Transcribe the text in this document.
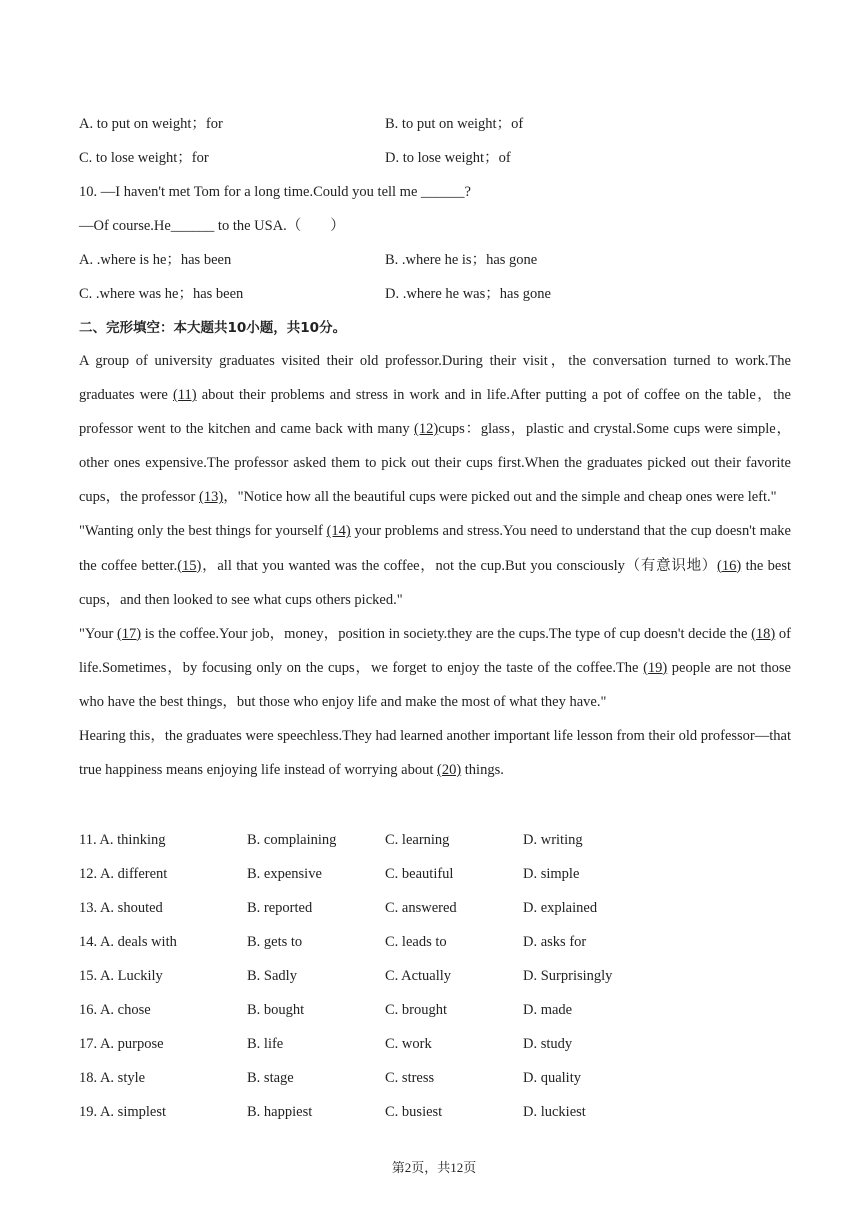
A. to put on weight；for	B. to put on weight；of
C. to lose weight；for	D. to lose weight；of
10. —I haven't met Tom for a long time.Could you tell me ______?
—Of course.He______ to the USA.（　　）
A. .where is he；has been	B. .where he is；has gone
C. .where was he；has been	D. .where he was；has gone
二、完形填空：本大题共10小题，共10分。

A group of university graduates visited their old professor.During their visit，the conversation turned to work.The graduates were (11) about their problems and stress in work and in life.After putting a pot of coffee on the table，the professor went to the kitchen and came back with many (12)cups：glass，plastic and crystal.Some cups were simple，other ones expensive.The professor asked them to pick out their cups first.When the graduates picked out their favorite cups，the professor (13)，"Notice how all the beautiful cups were picked out and the simple and cheap ones were left."

"Wanting only the best things for yourself (14) your problems and stress.You need to understand that the cup doesn't make the coffee better.(15)，all that you wanted was the coffee，not the cup.But you consciously（有意识地）(16) the best cups，and then looked to see what cups others picked."

"Your (17) is the coffee.Your job，money，position in society.they are the cups.The type of cup doesn't decide the (18) of life.Sometimes，by focusing only on the cups，we forget to enjoy the taste of the coffee.The (19) people are not those who have the best things，but those who enjoy life and make the most of what they have."

Hearing this，the graduates were speechless.They had learned another important life lesson from their old professor—that true happiness means enjoying life instead of worrying about (20) things.

11. A. thinking	B. complaining	C. learning	D. writing
12. A. different	B. expensive	C. beautiful	D. simple
13. A. shouted	B. reported	C. answered	D. explained
14. A. deals with	B. gets to	C. leads to	D. asks for
15. A. Luckily	B. Sadly	C. Actually	D. Surprisingly
16. A. chose	B. bought	C. brought	D. made
17. A. purpose	B. life	C. work	D. study
18. A. style	B. stage	C. stress	D. quality
19. A. simplest	B. happiest	C. busiest	D. luckiest
第2页，共12页
